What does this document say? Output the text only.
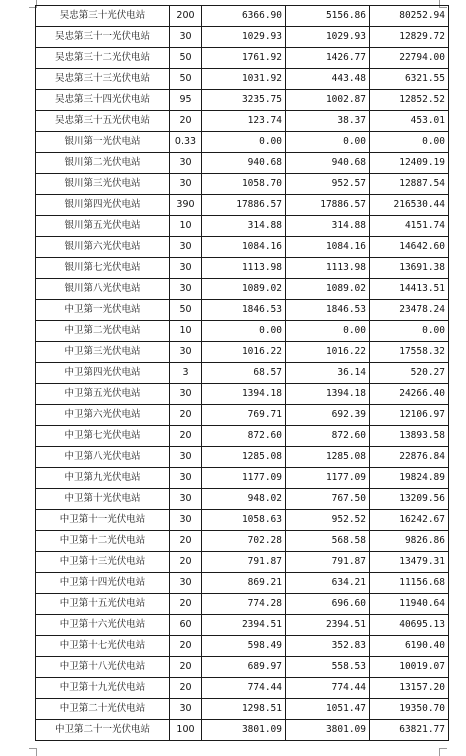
吴忠第三十光伏电站	200	6366.90	5156.86	80252.94
吴忠第三十一光伏电站	30	1029.93	1029.93	12829.72
吴忠第三十二光伏电站	50	1761.92	1426.77	22794.00
吴忠第三十三光伏电站	50	1031.92	443.48	6321.55
吴忠第三十四光伏电站	95	3235.75	1002.87	12852.52
吴忠第三十五光伏电站	20	123.74	38.37	453.01
银川第一光伏电站	0.33	0.00	0.00	0.00
银川第二光伏电站	30	940.68	940.68	12409.19
银川第三光伏电站	30	1058.70	952.57	12887.54
银川第四光伏电站	390	17886.57	17886.57	216530.44
银川第五光伏电站	10	314.88	314.88	4151.74
银川第六光伏电站	30	1084.16	1084.16	14642.60
银川第七光伏电站	30	1113.98	1113.98	13691.38
银川第八光伏电站	30	1089.02	1089.02	14413.51
中卫第一光伏电站	50	1846.53	1846.53	23478.24
中卫第二光伏电站	10	0.00	0.00	0.00
中卫第三光伏电站	30	1016.22	1016.22	17558.32
中卫第四光伏电站	3	68.57	36.14	520.27
中卫第五光伏电站	30	1394.18	1394.18	24266.40
中卫第六光伏电站	20	769.71	692.39	12106.97
中卫第七光伏电站	20	872.60	872.60	13893.58
中卫第八光伏电站	30	1285.08	1285.08	22876.84
中卫第九光伏电站	30	1177.09	1177.09	19824.89
中卫第十光伏电站	30	948.02	767.50	13209.56
中卫第十一光伏电站	30	1058.63	952.52	16242.67
中卫第十二光伏电站	20	702.28	568.58	9826.86
中卫第十三光伏电站	20	791.87	791.87	13479.31
中卫第十四光伏电站	30	869.21	634.21	11156.68
中卫第十五光伏电站	20	774.28	696.60	11940.64
中卫第十六光伏电站	60	2394.51	2394.51	40695.13
中卫第十七光伏电站	20	598.49	352.83	6190.40
中卫第十八光伏电站	20	689.97	558.53	10019.07
中卫第十九光伏电站	20	774.44	774.44	13157.20
中卫第二十光伏电站	30	1298.51	1051.47	19350.70
中卫第二十一光伏电站	100	3801.09	3801.09	63821.77
